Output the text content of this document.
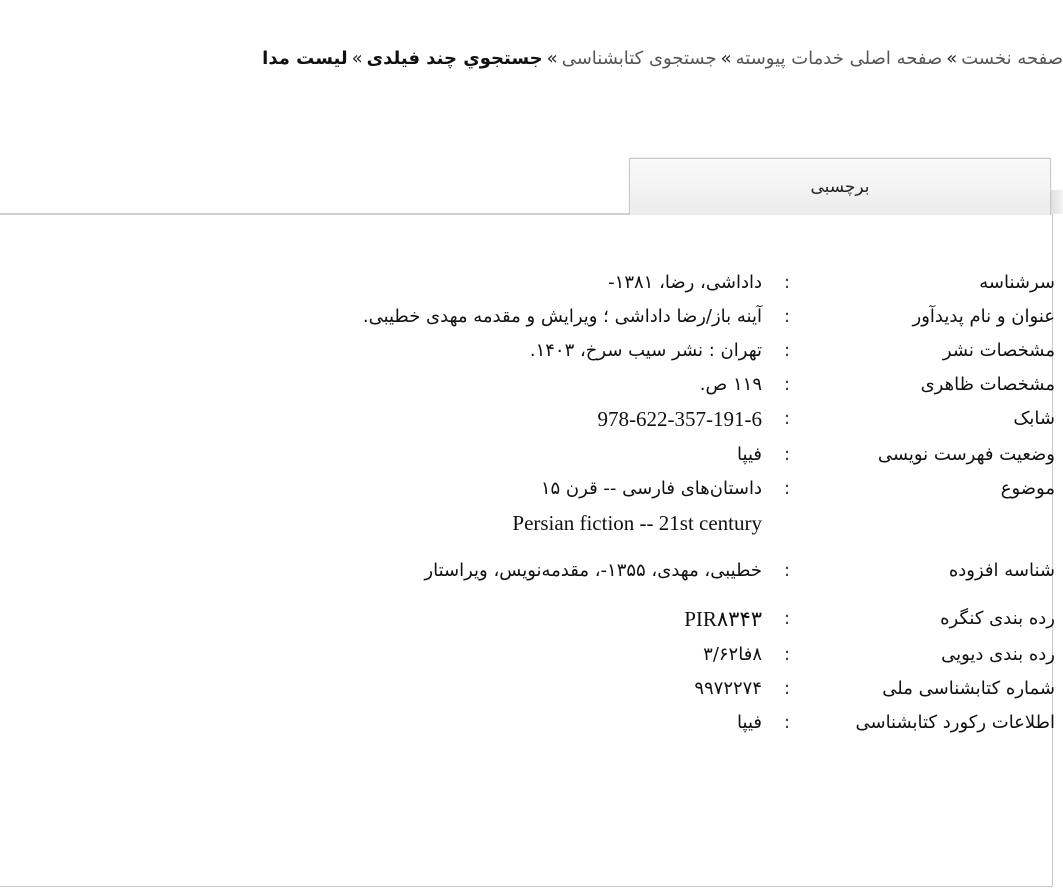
صفحه نخست»صفحه اصلی خدمات پیوسته»جستجوی کتابشناسی»جستجوي چند فيلدی»لیست مدا
برچسبی
سرشناسه	:	داداشی، رضا، ۱۳۸۱-
عنوان و نام پدیدآور	:	آینه باز/رضا داداشی ؛ ویرایش و مقدمه مهدی خطیبی.
مشخصات نشر	:	تهران : نشر سیب سرخ، ۱۴۰۳.
مشخصات ظاهری	:	۱۱۹ ص.
شابک	:	978-622-357-191-6
وضعیت فهرست نویسی	:	فیپا
موضوع	:	داستان‌های فارسی -- قرن ۱۵
Persian fiction -- 21st century

شناسه افزوده	:	خطیبی، مهدی، ۱۳۵۵-، مقدمه‌نویس، ویراستار
رده بندی کنگره	:	PIR۸۳۴۳
رده بندی دیویی	:	۸فا۳/۶۲
شماره کتابشناسی ملی	:	۹۹۷۲۲۷۴
اطلاعات رکورد کتابشناسی	:	فیپا
